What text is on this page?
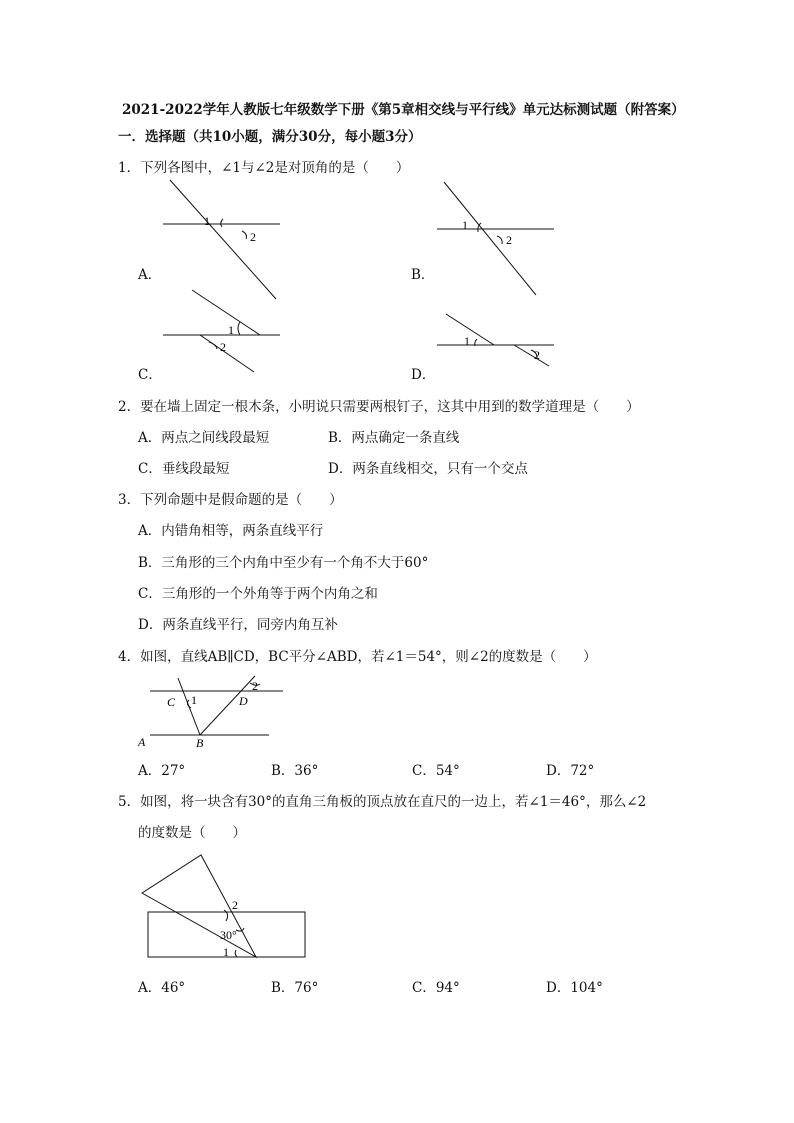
2021-2022学年人教版七年级数学下册《第5章相交线与平行线》单元达标测试题（附答案）
一．选择题（共10小题，满分30分，每小题3分）
1．下列各图中，∠1与∠2是对顶角的是（　　）
1
2
A．
1
2
B．
1
2
C．
1
2
D．
2．要在墙上固定一根木条，小明说只需要两根钉子，这其中用到的数学道理是（　　）
A．两点之间线段最短	B．两点确定一条直线
C．垂线段最短	D．两条直线相交，只有一个交点
3．下列命题中是假命题的是（　　）
A．内错角相等，两条直线平行
B．三角形的三个内角中至少有一个角不大于60°
C．三角形的一个外角等于两个内角之和
D．两条直线平行，同旁内角互补
4．如图，直线AB∥CD，BC平分∠ABD，若∠1＝54°，则∠2的度数是（　　）
C 1	D
2
A	B
A．27°	B．36°	C．54°	D．72°
5．如图，将一块含有30°的直角三角板的顶点放在直尺的一边上，若∠1＝46°，那么∠2
的度数是（　　）
2
30°
1
A．46°	B．76°	C．94°	D．104°
